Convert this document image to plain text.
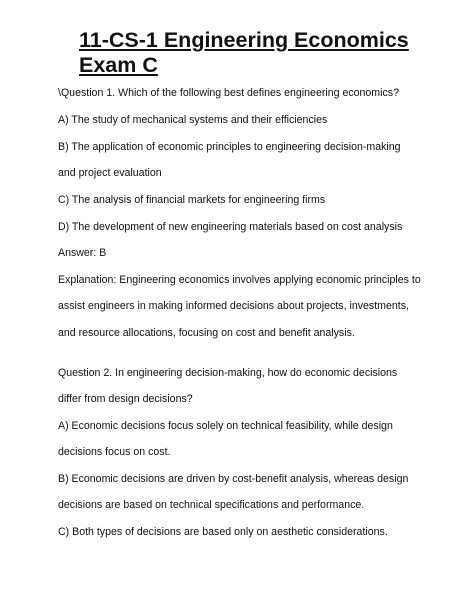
11-CS-1 Engineering Economics Exam C
\Question 1. Which of the following best defines engineering economics?
A) The study of mechanical systems and their efficiencies
B) The application of economic principles to engineering decision-making
and project evaluation
C) The analysis of financial markets for engineering firms
D) The development of new engineering materials based on cost analysis
Answer: B
Explanation: Engineering economics involves applying economic principles to
assist engineers in making informed decisions about projects, investments,
and resource allocations, focusing on cost and benefit analysis.
Question 2. In engineering decision-making, how do economic decisions
differ from design decisions?
A) Economic decisions focus solely on technical feasibility, while design
decisions focus on cost.
B) Economic decisions are driven by cost-benefit analysis, whereas design
decisions are based on technical specifications and performance.
C) Both types of decisions are based only on aesthetic considerations.
